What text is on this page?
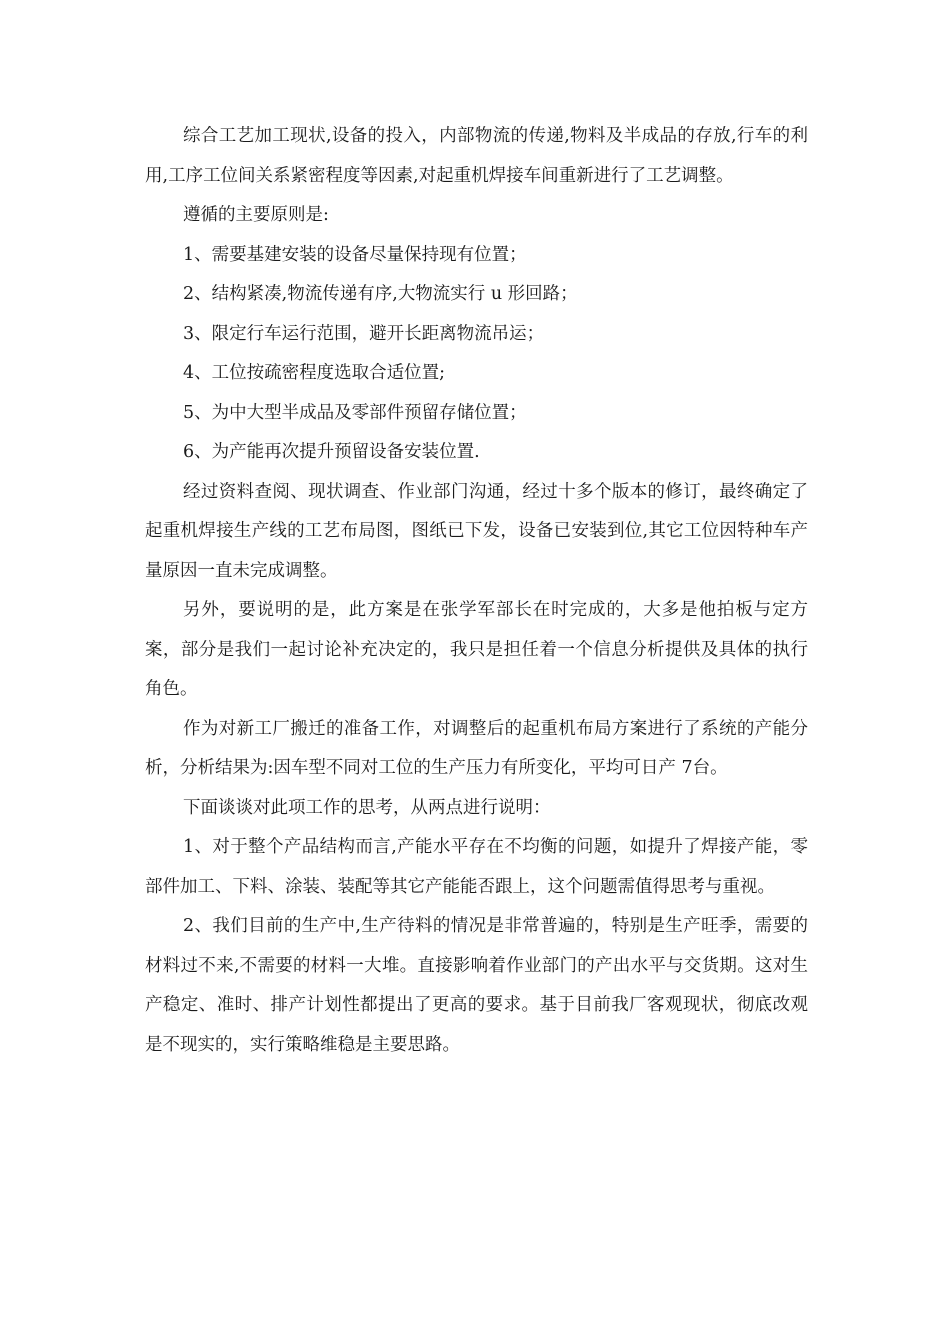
综合工艺加工现状,设备的投入，内部物流的传递,物料及半成品的存放,行车的利用,工序工位间关系紧密程度等因素,对起重机焊接车间重新进行了工艺调整。

遵循的主要原则是:

1、需要基建安装的设备尽量保持现有位置；

2、结构紧凑,物流传递有序,大物流实行 u 形回路；

3、限定行车运行范围，避开长距离物流吊运；

4、工位按疏密程度选取合适位置;

5、为中大型半成品及零部件预留存储位置；

6、为产能再次提升预留设备安装位置.

经过资料查阅、现状调查、作业部门沟通，经过十多个版本的修订，最终确定了起重机焊接生产线的工艺布局图，图纸已下发，设备已安装到位,其它工位因特种车产量原因一直未完成调整。

另外，要说明的是，此方案是在张学军部长在时完成的，大多是他拍板与定方案，部分是我们一起讨论补充决定的，我只是担任着一个信息分析提供及具体的执行角色。

作为对新工厂搬迁的准备工作，对调整后的起重机布局方案进行了系统的产能分析，分析结果为:因车型不同对工位的生产压力有所变化，平均可日产 7台。

下面谈谈对此项工作的思考，从两点进行说明：

1、对于整个产品结构而言,产能水平存在不均衡的问题，如提升了焊接产能，零部件加工、下料、涂装、装配等其它产能能否跟上，这个问题需值得思考与重视。

2、我们目前的生产中,生产待料的情况是非常普遍的，特别是生产旺季，需要的材料过不来,不需要的材料一大堆。直接影响着作业部门的产出水平与交货期。这对生产稳定、准时、排产计划性都提出了更高的要求。基于目前我厂客观现状，彻底改观是不现实的，实行策略维稳是主要思路。
